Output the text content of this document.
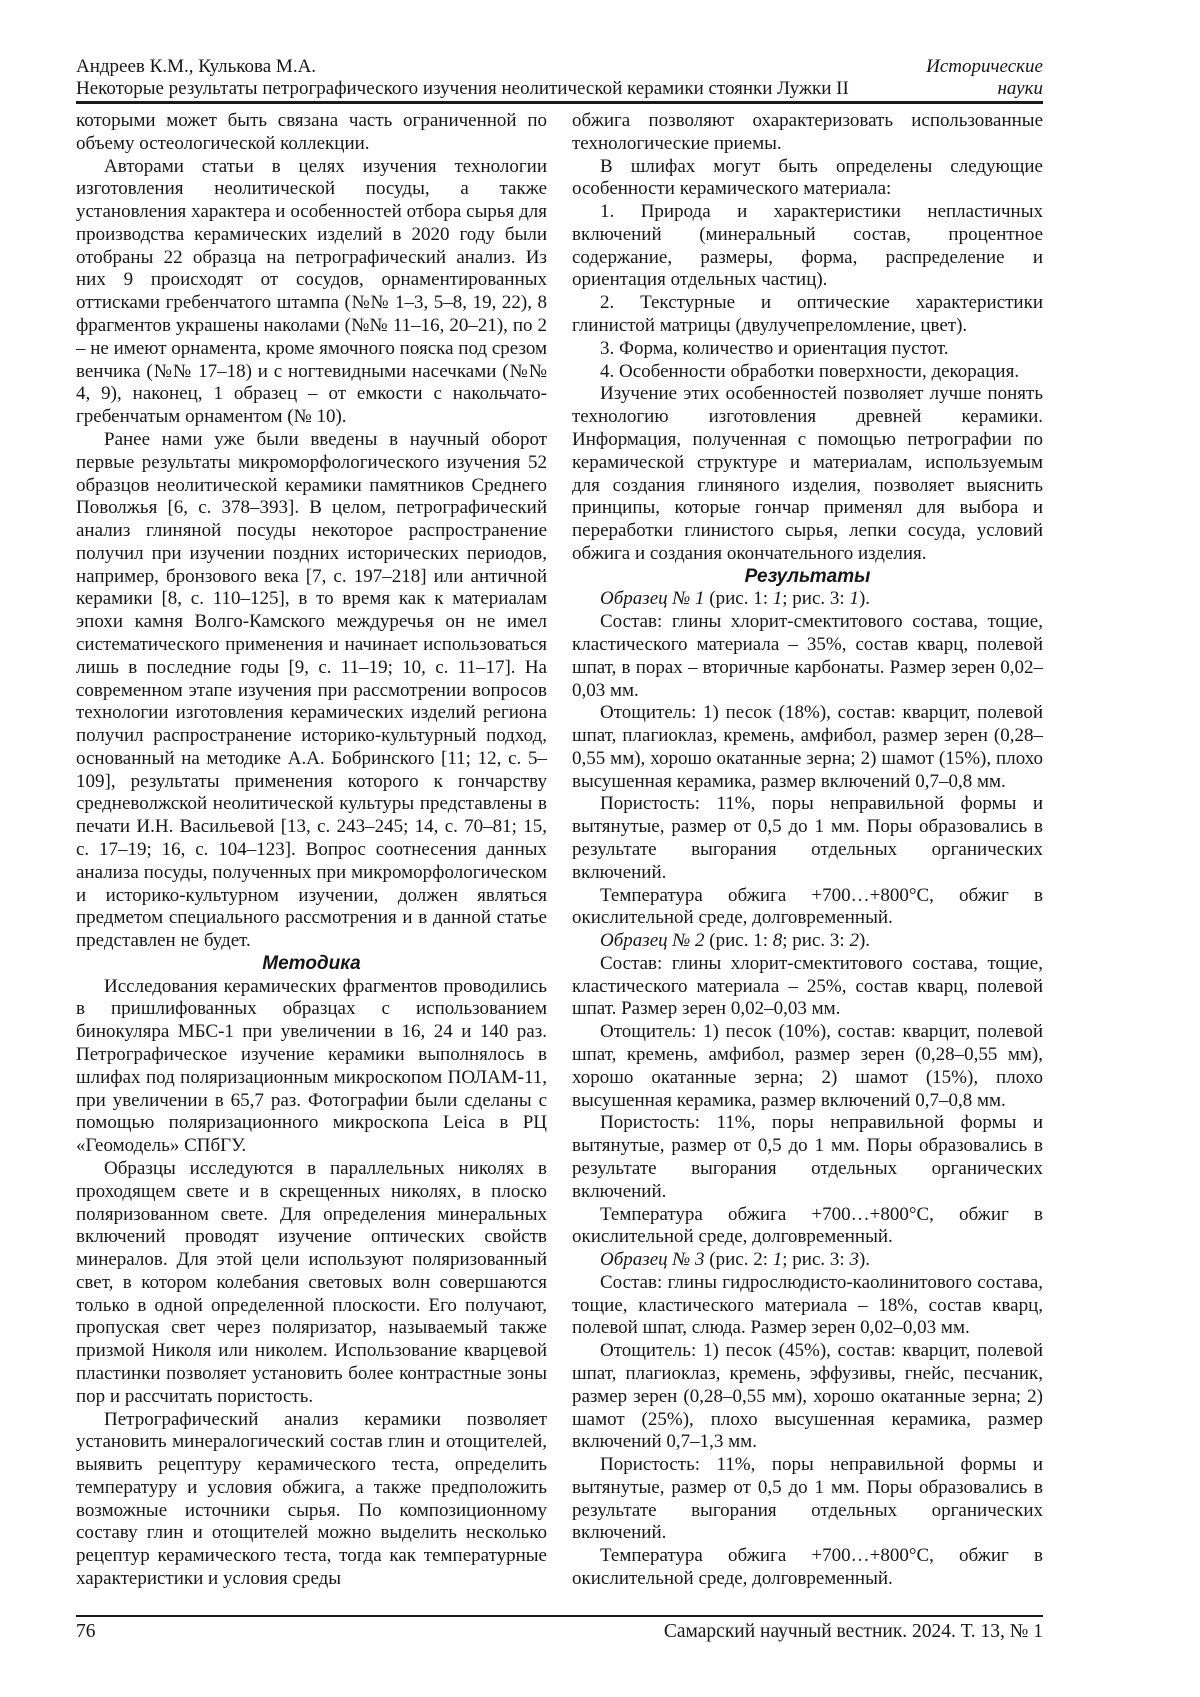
Андреев К.М., Кулькова М.А.	Исторические
Некоторые результаты петрографического изучения неолитической керамики стоянки Лужки II	науки

которыми может быть связана часть ограниченной по объему остеологической коллекции.

Авторами статьи в целях изучения технологии изготовления неолитической посуды, а также установления характера и особенностей отбора сырья для производства керамических изделий в 2020 году были отобраны 22 образца на петрографический анализ. Из них 9 происходят от сосудов, орнаментированных оттисками гребенчатого штампа (№№ 1–3, 5–8, 19, 22), 8 фрагментов украшены наколами (№№ 11–16, 20–21), по 2 – не имеют орнамента, кроме ямочного пояска под срезом венчика (№№ 17–18) и с ногтевидными насечками (№№ 4, 9), наконец, 1 образец – от емкости с накольчато-гребенчатым орнаментом (№ 10).

Ранее нами уже были введены в научный оборот первые результаты микроморфологического изучения 52 образцов неолитической керамики памятников Среднего Поволжья [6, с. 378–393]. В целом, петрографический анализ глиняной посуды некоторое распространение получил при изучении поздних исторических периодов, например, бронзового века [7, с. 197–218] или античной керамики [8, с. 110–125], в то время как к материалам эпохи камня Волго-Камского междуречья он не имел систематического применения и начинает использоваться лишь в последние годы [9, с. 11–19; 10, с. 11–17]. На современном этапе изучения при рассмотрении вопросов технологии изготовления керамических изделий региона получил распространение историко-культурный подход, основанный на методике А.А. Бобринского [11; 12, с. 5–109], результаты применения которого к гончарству средневолжской неолитической культуры представлены в печати И.Н. Васильевой [13, с. 243–245; 14, с. 70–81; 15, с. 17–19; 16, с. 104–123]. Вопрос соотнесения данных анализа посуды, полученных при микроморфологическом и историко-культурном изучении, должен являться предметом специального рассмотрения и в данной статье представлен не будет.

Методика

Исследования керамических фрагментов проводились в пришлифованных образцах с использованием бинокуляра МБС-1 при увеличении в 16, 24 и 140 раз. Петрографическое изучение керамики выполнялось в шлифах под поляризационным микроскопом ПОЛАМ-11, при увеличении в 65,7 раз. Фотографии были сделаны с помощью поляризационного микроскопа Leica в РЦ «Геомодель» СПбГУ.

Образцы исследуются в параллельных николях в проходящем свете и в скрещенных николях, в плоско поляризованном свете. Для определения минеральных включений проводят изучение оптических свойств минералов. Для этой цели используют поляризованный свет, в котором колебания световых волн совершаются только в одной определенной плоскости. Его получают, пропуская свет через поляризатор, называемый также призмой Николя или николем. Использование кварцевой пластинки позволяет установить более контрастные зоны пор и рассчитать пористость.

Петрографический анализ керамики позволяет установить минералогический состав глин и отощителей, выявить рецептуру керамического теста, определить температуру и условия обжига, а также предположить возможные источники сырья. По композиционному составу глин и отощителей можно выделить несколько рецептур керамического теста, тогда как температурные характеристики и условия среды

обжига позволяют охарактеризовать использованные технологические приемы.

В шлифах могут быть определены следующие особенности керамического материала:

1. Природа и характеристики непластичных включений (минеральный состав, процентное содержание, размеры, форма, распределение и ориентация отдельных частиц).

2. Текстурные и оптические характеристики глинистой матрицы (двулучепреломление, цвет).

3. Форма, количество и ориентация пустот.

4. Особенности обработки поверхности, декорация.

Изучение этих особенностей позволяет лучше понять технологию изготовления древней керамики. Информация, полученная с помощью петрографии по керамической структуре и материалам, используемым для создания глиняного изделия, позволяет выяснить принципы, которые гончар применял для выбора и переработки глинистого сырья, лепки сосуда, условий обжига и создания окончательного изделия.

Результаты

Образец № 1 (рис. 1: 1; рис. 3: 1).

Состав: глины хлорит-смектитового состава, тощие, кластического материала – 35%, состав кварц, полевой шпат, в порах – вторичные карбонаты. Размер зерен 0,02–0,03 мм.

Отощитель: 1) песок (18%), состав: кварцит, полевой шпат, плагиоклаз, кремень, амфибол, размер зерен (0,28–0,55 мм), хорошо окатанные зерна; 2) шамот (15%), плохо высушенная керамика, размер включений 0,7–0,8 мм.

Пористость: 11%, поры неправильной формы и вытянутые, размер от 0,5 до 1 мм. Поры образовались в результате выгорания отдельных органических включений.

Температура обжига +700…+800°С, обжиг в окислительной среде, долговременный.

Образец № 2 (рис. 1: 8; рис. 3: 2).

Состав: глины хлорит-смектитового состава, тощие, кластического материала – 25%, состав кварц, полевой шпат. Размер зерен 0,02–0,03 мм.

Отощитель: 1) песок (10%), состав: кварцит, полевой шпат, кремень, амфибол, размер зерен (0,28–0,55 мм), хорошо окатанные зерна; 2) шамот (15%), плохо высушенная керамика, размер включений 0,7–0,8 мм.

Пористость: 11%, поры неправильной формы и вытянутые, размер от 0,5 до 1 мм. Поры образовались в результате выгорания отдельных органических включений.

Температура обжига +700…+800°С, обжиг в окислительной среде, долговременный.

Образец № 3 (рис. 2: 1; рис. 3: 3).

Состав: глины гидрослюдисто-каолинитового состава, тощие, кластического материала – 18%, состав кварц, полевой шпат, слюда. Размер зерен 0,02–0,03 мм.

Отощитель: 1) песок (45%), состав: кварцит, полевой шпат, плагиоклаз, кремень, эффузивы, гнейс, песчаник, размер зерен (0,28–0,55 мм), хорошо окатанные зерна; 2) шамот (25%), плохо высушенная керамика, размер включений 0,7–1,3 мм.

Пористость: 11%, поры неправильной формы и вытянутые, размер от 0,5 до 1 мм. Поры образовались в результате выгорания отдельных органических включений.

Температура обжига +700…+800°С, обжиг в окислительной среде, долговременный.

76	Самарский научный вестник. 2024. Т. 13, № 1
